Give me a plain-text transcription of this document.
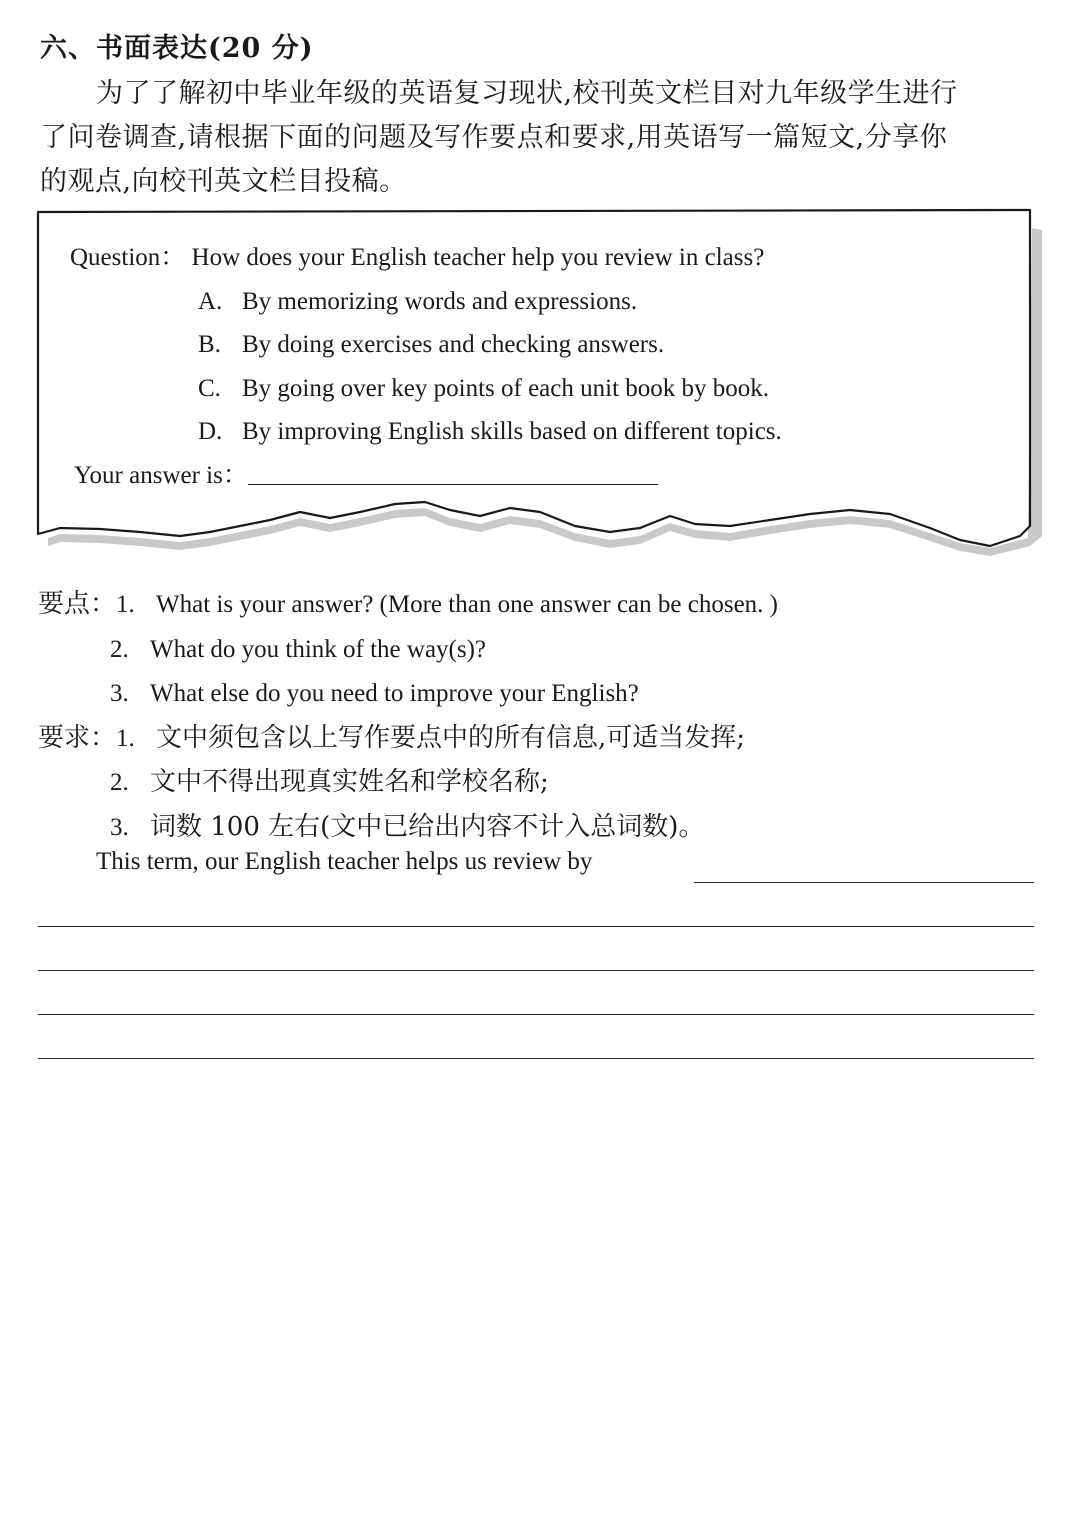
六、书面表达(20 分)
为了了解初中毕业年级的英语复习现状,校刊英文栏目对九年级学生进行
了问卷调查,请根据下面的问题及写作要点和要求,用英语写一篇短文,分享你
的观点,向校刊英文栏目投稿。
Question： How does your English teacher help you review in class?
A. By memorizing words and expressions.
B. By doing exercises and checking answers.
C. By going over key points of each unit book by book.
D. By improving English skills based on different topics.
Your answer is：
要点：1. What is your answer? (More than one answer can be chosen. )
2. What do you think of the way(s)?
3. What else do you need to improve your English?
要求：1. 文中须包含以上写作要点中的所有信息,可适当发挥;
2. 文中不得出现真实姓名和学校名称;
3. 词数 100 左右(文中已给出内容不计入总词数)。
This term, our English teacher helps us review by
